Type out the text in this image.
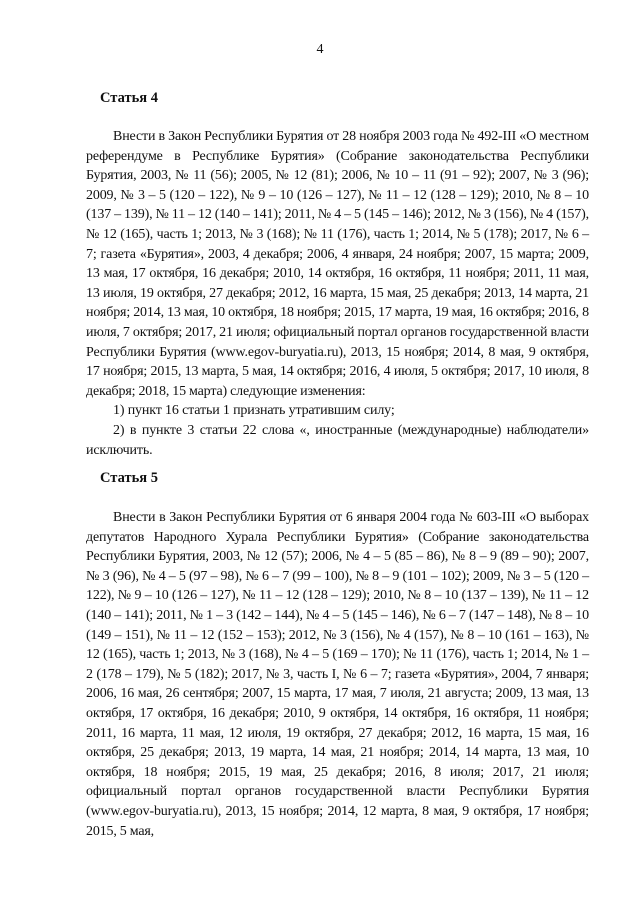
4
Статья 4

Внести в Закон Республики Бурятия от 28 ноября 2003 года № 492-III «О местном референдуме в Республике Бурятия» (Собрание законодательства Республики Бурятия, 2003, № 11 (56); 2005, № 12 (81); 2006, № 10 – 11 (91 – 92); 2007, № 3 (96); 2009, № 3 – 5 (120 – 122), № 9 – 10 (126 – 127), № 11 – 12 (128 – 129); 2010, № 8 – 10 (137 – 139), № 11 – 12 (140 – 141); 2011, № 4 – 5 (145 – 146); 2012, № 3 (156), № 4 (157), № 12 (165), часть 1; 2013, № 3 (168); № 11 (176), часть 1; 2014, № 5 (178); 2017, № 6 – 7; газета «Бурятия», 2003, 4 декабря; 2006, 4 января, 24 ноября; 2007, 15 марта; 2009, 13 мая, 17 октября, 16 декабря; 2010, 14 октября, 16 октября, 11 ноября; 2011, 11 мая, 13 июля, 19 октября, 27 декабря; 2012, 16 марта, 15 мая, 25 декабря; 2013, 14 марта, 21 ноября; 2014, 13 мая, 10 октября, 18 ноября; 2015, 17 марта, 19 мая, 16 октября; 2016, 8 июля, 7 октября; 2017, 21 июля; официальный портал органов государственной власти Республики Бурятия (www.egov-buryatia.ru), 2013, 15 ноября; 2014, 8 мая, 9 октября, 17 ноября; 2015, 13 марта, 5 мая, 14 октября; 2016, 4 июля, 5 октября; 2017, 10 июля, 8 декабря; 2018, 15 марта) следующие изменения:

1) пункт 16 статьи 1 признать утратившим силу;

2) в пункте 3 статьи 22 слова «, иностранные (международные) наблюдатели» исключить.

Статья 5

Внести в Закон Республики Бурятия от 6 января 2004 года № 603-III «О выборах депутатов Народного Хурала Республики Бурятия» (Собрание законодательства Республики Бурятия, 2003, № 12 (57); 2006, № 4 – 5 (85 – 86), № 8 – 9 (89 – 90); 2007, № 3 (96), № 4 – 5 (97 – 98), № 6 – 7 (99 – 100), № 8 – 9 (101 – 102); 2009, № 3 – 5 (120 – 122), № 9 – 10 (126 – 127), № 11 – 12 (128 – 129); 2010, № 8 – 10 (137 – 139), № 11 – 12 (140 – 141); 2011, № 1 – 3 (142 – 144), № 4 – 5 (145 – 146), № 6 – 7 (147 – 148), № 8 – 10 (149 – 151), № 11 – 12 (152 – 153); 2012, № 3 (156), № 4 (157), № 8 – 10 (161 – 163), № 12 (165), часть 1; 2013, № 3 (168), № 4 – 5 (169 – 170); № 11 (176), часть 1; 2014, № 1 – 2 (178 – 179), № 5 (182); 2017, № 3, часть I, № 6 – 7; газета «Бурятия», 2004, 7 января; 2006, 16 мая, 26 сентября; 2007, 15 марта, 17 мая, 7 июля, 21 августа; 2009, 13 мая, 13 октября, 17 октября, 16 декабря; 2010, 9 октября, 14 октября, 16 октября, 11 ноября; 2011, 16 марта, 11 мая, 12 июля, 19 октября, 27 декабря; 2012, 16 марта, 15 мая, 16 октября, 25 декабря; 2013, 19 марта, 14 мая, 21 ноября; 2014, 14 марта, 13 мая, 10 октября, 18 ноября; 2015, 19 мая, 25 декабря; 2016, 8 июля; 2017, 21 июля; официальный портал органов государственной власти Республики Бурятия (www.egov-buryatia.ru), 2013, 15 ноября; 2014, 12 марта, 8 мая, 9 октября, 17 ноября; 2015, 5 мая,
